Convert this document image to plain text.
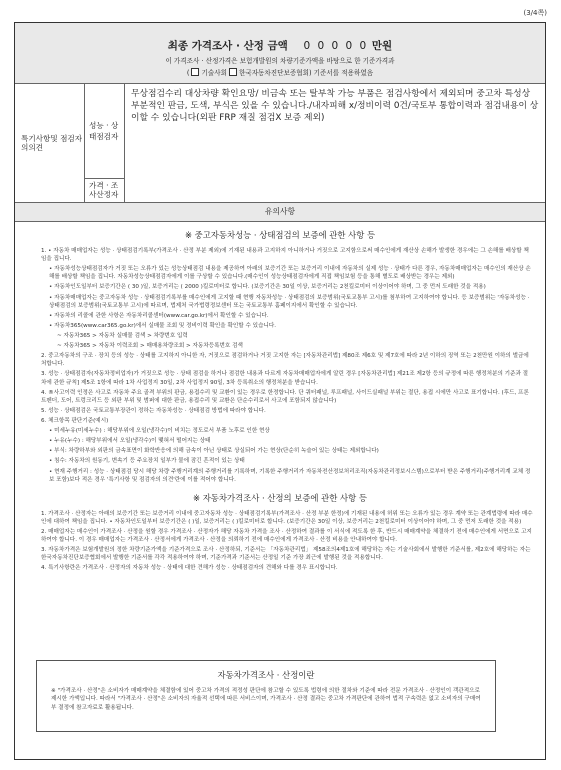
(3/4쪽)
최종 가격조사 · 산정 금액 0 0 0 0 0 만원
이 가격조사 · 산정가격은 보험개발원의 차량기준가액을 바탕으로 한 기준가격과
( 기술사회 한국자동차진단보증협회) 기준서를 적용하였음
특기사항및 점검자의의견
성능 · 상태점검자
무상점검수리 대상차량 확인요망/ 비금속 또는 탈부착 가능 부품은 점검사항에서 제외되며 중고차 특성상 부분적인 판금, 도색, 부식은 있을 수 있습니다./내자피해 x/정비이력 0건/국토부 통합이력과 점검내용이 상이할 수 있습니다(외판 FRP 재질 점검X 보증 제외)
가격 · 조사산정자
유의사항
※ 중고자동차성능 · 상태점검의 보증에 관한 사항 등

1. • 자동차 매매업자는 성능 · 상태점검기록부(가격조사 · 산정 부분 제외)에 기재된 내용과 고지하지 아니하거나 거짓으로 고지함으로써 매수인에게 재산상 손해가 발생한 경우에는 그 손해를 배상할 책임을 집니다.

• 자동차성능상태점검자가 거짓 또는 오류가 있는 성능상태점검 내용을 제공하여 아래의 보증기간 또는 보증거리 이내에 자동차의 실제 성능 · 상태가 다른 경우, 자동차매매업자는 매수인의 재산상 손해를 배상할 책임을 집니다. 자동차성능상태점검자에게 이를 구상할 수 있습니다.(매수인이 성능상태점검자에게 직접 책임보험 등을 통해 별도로 배상받는 경우는 제외)

• 자동차인도일부터 보증기간은 ( 30 )일, 보증거리는 ( 2000 )킬로미터로 합니다. (보증기간은 30일 이상, 보증거리는 2천킬로미터 이상이어야 하며, 그 중 먼저 도래한 것을 적용)

• 자동차매매업자는 중고자동차 성능 · 상태점검기록부를 매수인에게 고지할 때 현행 자동차성능 · 상태점검의 보증범위(국토교통부 고시)를 첨부하여 고지하여야 합니다. 등 보증범위는 '자동차성능 · 상태점검의 보증범위(국토교통부 고시)에 따르며, 법제처 국가법령정보센터 또는 국토교통부 홈페이지에서 확인할 수 있습니다.

• 자동차의 리콜에 관한 사항은 자동차리콜센터(www.car.go.kr)에서 확인할 수 있습니다.

• 자동차365(www.car365.go.kr)에서 실매물 조회 및 정비이력 확인을 확인할 수 있습니다.

~ 자동차365 > 자동차 실매물 검색 > 차량번호 입력

~ 자동차365 > 자동차 이력조회 > 매매용차량조회 > 자동차등록번호 검색

2. 중고자동차의 구조 · 장치 등의 성능 · 상태를 고지하지 아니한 자, 거짓으로 점검하거나 거짓 고지한 자는 [자동차관리법] 제80조 제6호 및 제7호에 따라 2년 이하의 징역 또는 2천만원 이하의 벌금에 처합니다.

3. 성능 · 상태점검자(자동차정비업자)가 거짓으로 성능 · 상태 점검을 하거나 점검한 내용과 다르게 자동차매매업자에게 알린 경우 [자동차관리법] 제21조 제2항 등의 규정에 따른 행정처분의 기준과 절차에 관한 규칙] 제5조 1항에 따라 1차 사업정지 30일, 2차 사업정지 90일, 3차 등록취소의 행정처분을 받습니다.

4. ®사고이력 인정은 사고로 자동차 주요 골격 부위의 판금, 용접수리 및 교환이 있는 경우로 한정합니다. 단 쿼터패널, 루프패널, 사이드실패널 부위는 절단, 용접 시에만 사고로 표기합니다. (후드, 프론트펜더, 도어, 트렁크리드 등 외판 부위 및 범퍼에 대한 판금, 용접수리 및 교환은 단순수리로서 사고에 포함되지 않습니다)

5. 성능 · 상태점검은 국토교통부장관이 정하는 자동차성능 · 상태점검 방법에 따라야 합니다.

6. 체크항목 판단기준(예시)

• 미세누유(미세누수) : 해당부위에 오일(냉각수)이 비치는 정도로서 부품 노후로 인한 현상

• 누유(누수) : 해당부위에서 오일(냉각수)이 맺혀서 떨어지는 상태

• 부식: 차량하부와 외판의 금속표면이 화학반응에 의해 금속이 아닌 상태로 상실되어 가는 현상(단순히 녹슬어 있는 상태는 제외합니다)

• 침수: 자동차의 원동기, 변속기 등 주요장치 일부가 물에 잠긴 흔적이 있는 상태

• 현재 주행거리 : 성능 · 상태점검 당시 해당 차량 주행거리계의 주행거리를 기록하며, 기록한 주행거리가 자동차전산정보처리조직(자동차관리정보시스템)으로부터 받은 주행거리(주행거리계 교체 정보 포함)보다 적은 경우 '특기사항 및 점검자의 의견'란에 이를 적어야 합니다.

※ 자동차가격조사 · 산정의 보증에 관한 사항 등

1. 가격조사 · 산정자는 아래의 보증기간 또는 보증거리 이내에 중고자동차 성능 · 상태점검기록부(가격조사 · 산정 부분 한정)에 기재된 내용에 허위 또는 오류가 있는 경우 계약 또는 관계법령에 따라 매수인에 대하여 책임을 집니다. • 자동차인도일부터 보증기간은 ( )일, 보증거리는 ( )킬로미터로 합니다. (보증기간은 30일 이상, 보증거리는 2천킬로미터 이상이어야 하며, 그 중 먼저 도래한 것을 적용)

2. 매매업자는 매수인이 가격조사 · 산정을 원할 경우 가격조사 · 산정자가 해당 자동차 가격을 조사 · 산정하여 결과를 이 서식에 적도록 한 후, 반드시 매매계약을 체결하기 전에 매수인에게 서면으로 고지하여야 합니다. 이 경우 매매업자는 가격조사 · 산정서에게 가격조사 · 산정을 의뢰하기 전에 매수인에게 가격조사 · 산정 비용을 안내하여야 합니다.

3. 자동차가격은 보험개발원의 정한 차량기준가액을 기준가격으로 조사 · 산정하되, 기준서는 「자동차관리법」 제58조의4제1호에 해당하는 자는 기술사회에서 발행한 기준서를, 제2호에 해당하는 자는 한국자동차진단보증협회에서 발행한 기준서를 각각 적용하여야 하며, 기준가격과 기준서는 산정일 기준 가장 최근에 발행된 것을 적용합니다.

4. 특기사항란은 가격조사 · 산정자의 자동차 성능 · 상태에 대한 견해가 성능 · 상태점검자의 견해와 다를 경우 표시합니다.

자동차가격조사 · 산정이란
※ "가격조사 · 산정"은 소비자가 매매계약을 체결함에 있어 중고차 가격의 적정성 판단에 참고할 수 있도록 법령에 의한 절차와 기준에 따라 전문 가격조사 · 산정인이 객관적으로 제시한 가액입니다. 따라서 "가격조사 · 산정"은 소비자의 자율적 선택에 따른 서비스이며, 가격조사 · 산정 결과는 중고차 가격판단에 관하여 법적 구속력은 없고 소비자의 구매여부 결정에 참고자료로 활용됩니다.
